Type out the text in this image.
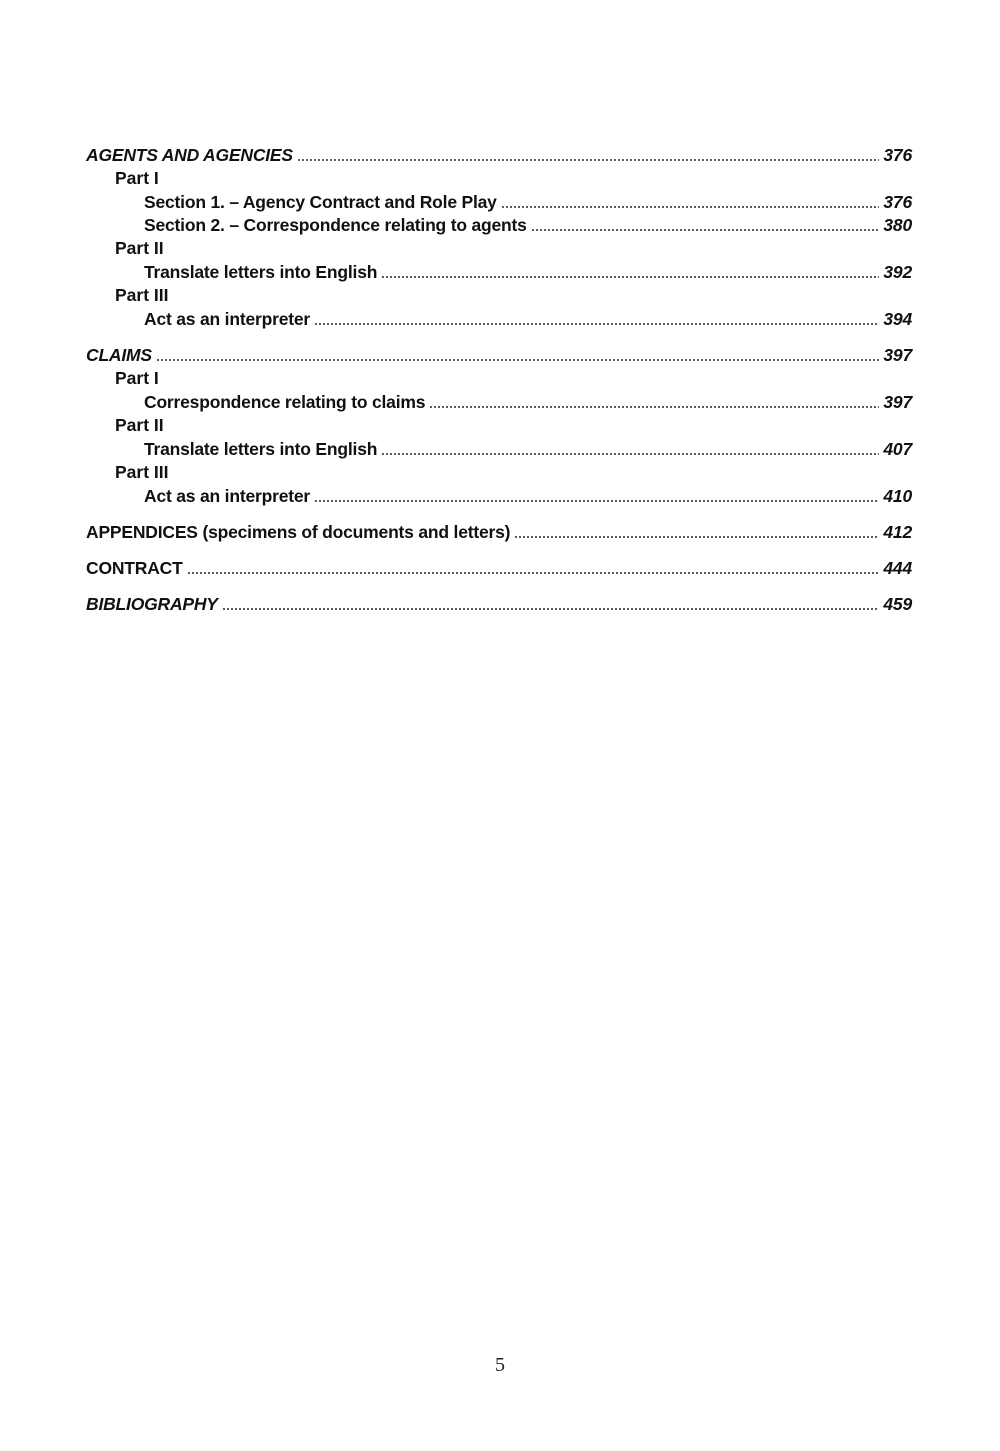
AGENTS AND AGENCIES	376
Part I
Section 1. – Agency Contract and Role Play	376
Section 2. – Correspondence relating to agents	380
Part II
Translate letters into English	392
Part III
Act as an interpreter	394
CLAIMS	397
Part I
Correspondence relating to claims	397
Part II
Translate letters into English	407
Part III
Act as an interpreter	410
APPENDICES (specimens of documents and letters)	412
CONTRACT	444
BIBLIOGRAPHY	459
5
